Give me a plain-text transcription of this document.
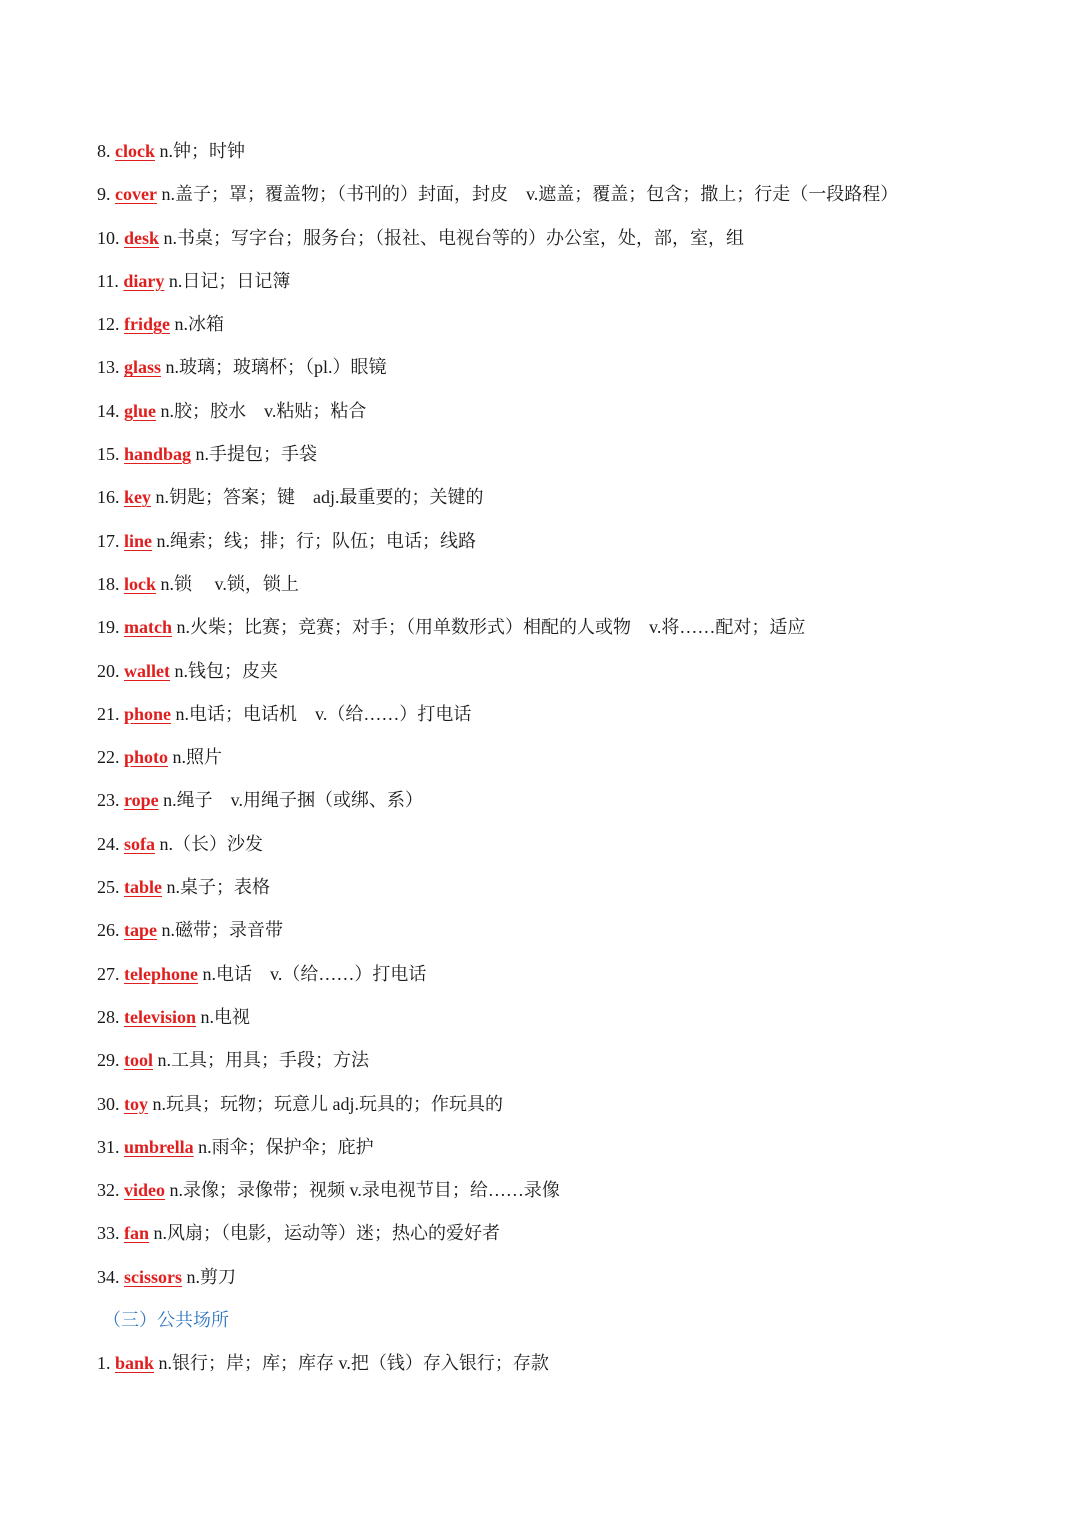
8. clock n.钟；时钟
9. cover n.盖子；罩；覆盖物；（书刊的）封面，封皮　v.遮盖；覆盖；包含；撒上；行走（一段路程）
10. desk n.书桌；写字台；服务台；（报社、电视台等的）办公室，处，部，室，组
11. diary n.日记；日记簿
12. fridge n.冰箱
13. glass n.玻璃；玻璃杯；（pl.）眼镜
14. glue n.胶；胶水　v.粘贴；粘合
15. handbag n.手提包；手袋
16. key n.钥匙；答案；键　adj.最重要的；关键的
17. line n.绳索；线；排；行；队伍；电话；线路
18. lock n.锁　 v.锁，锁上
19. match n.火柴；比赛；竞赛；对手；（用单数形式）相配的人或物　v.将……配对；适应
20. wallet n.钱包；皮夹
21. phone n.电话；电话机　v.（给……）打电话
22. photo n.照片
23. rope n.绳子　v.用绳子捆（或绑、系）
24. sofa n.（长）沙发
25. table n.桌子；表格
26. tape n.磁带；录音带
27. telephone n.电话　v.（给……）打电话
28. television n.电视
29. tool n.工具；用具；手段；方法
30. toy n.玩具；玩物；玩意儿 adj.玩具的；作玩具的
31. umbrella n.雨伞；保护伞；庇护
32. video n.录像；录像带；视频 v.录电视节目；给……录像
33. fan n.风扇；（电影，运动等）迷；热心的爱好者
34. scissors n.剪刀
（三）公共场所
1. bank n.银行；岸；库；库存 v.把（钱）存入银行；存款
